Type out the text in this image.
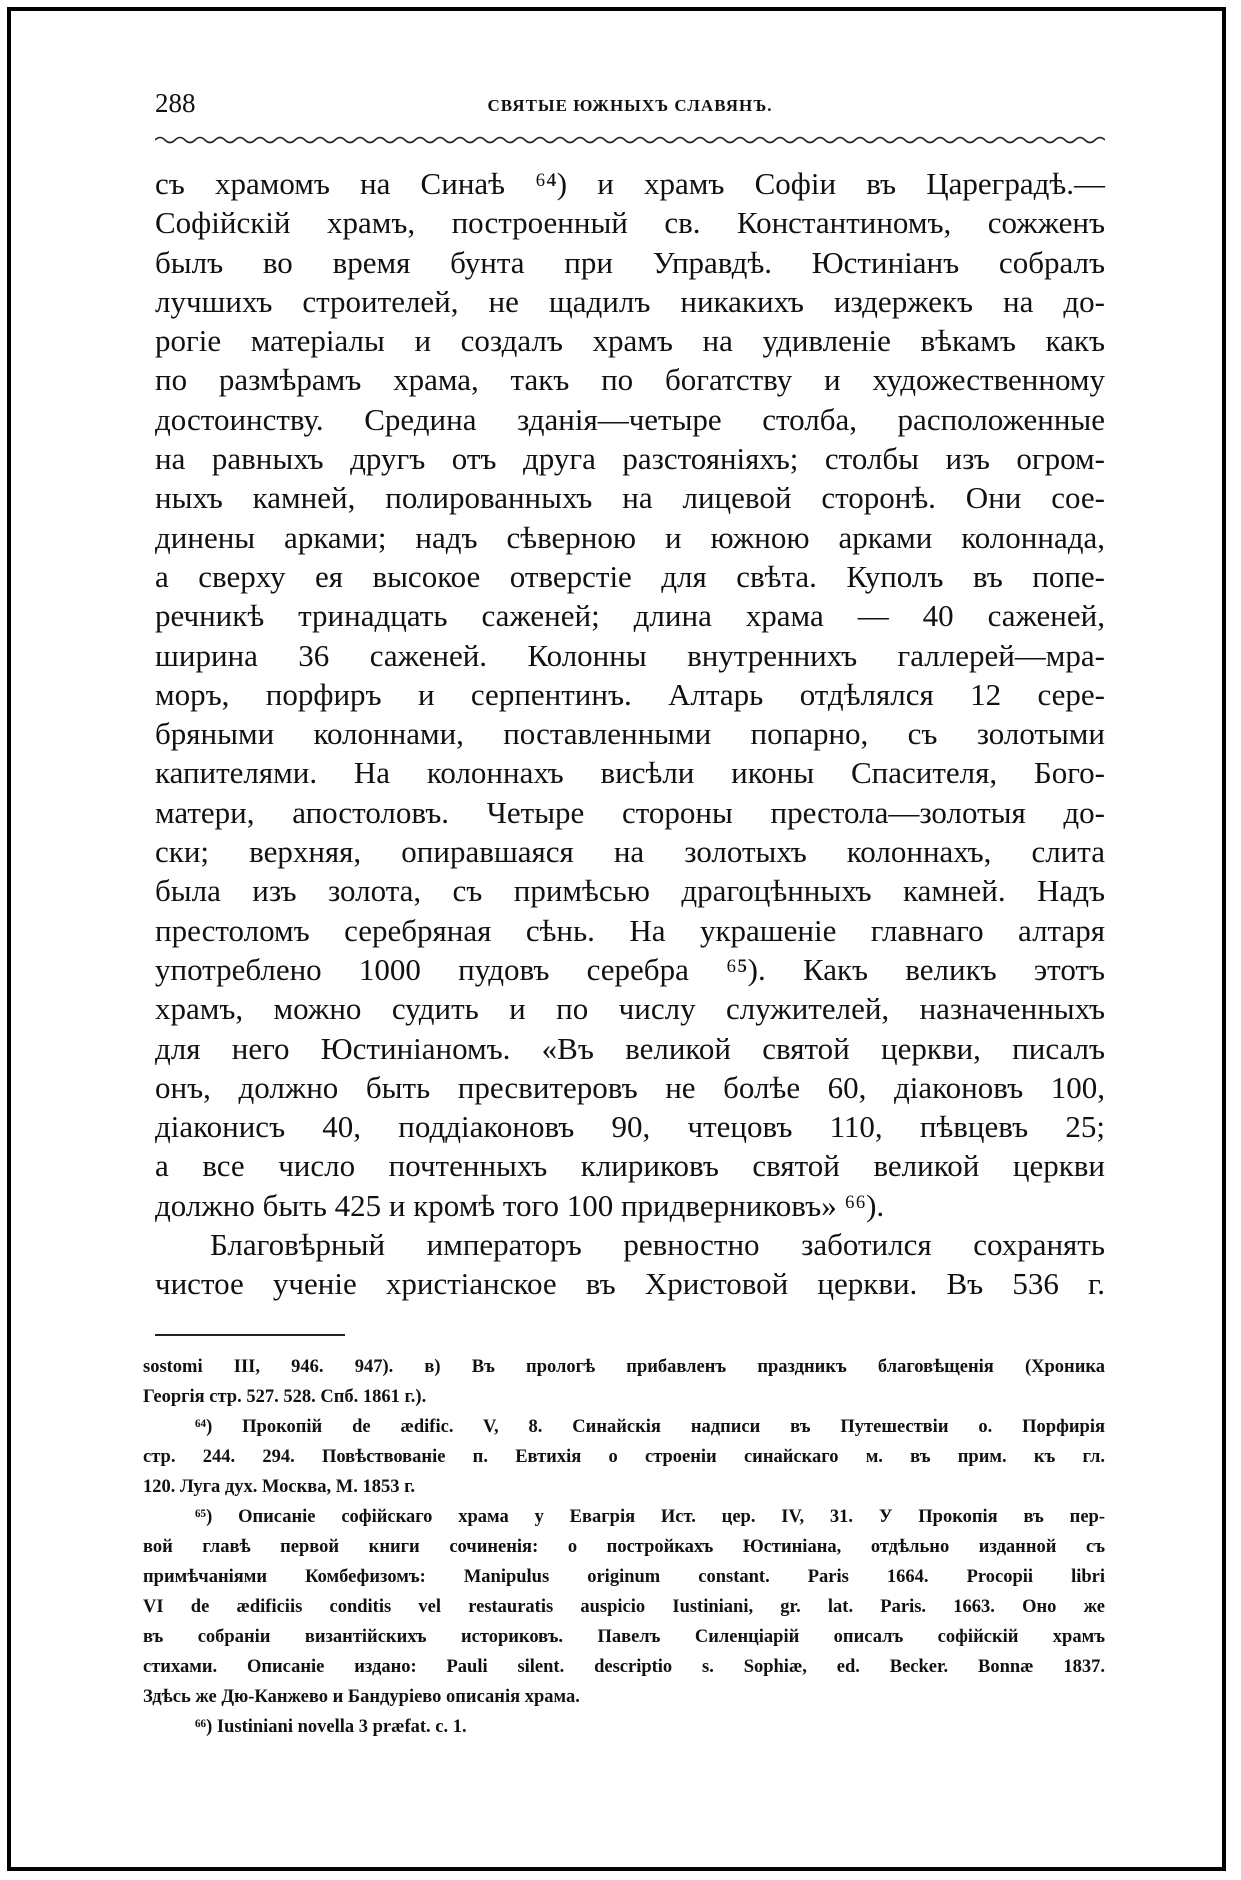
288	СВЯТЫЕ ЮЖНЫХЪ СЛАВЯНЪ.
съ храмомъ на Синаѣ ⁶⁴) и храмъ Софіи въ Цареградѣ.—
Софійскій храмъ, построенный св. Константиномъ, сожженъ
былъ во время бунта при Управдѣ. Юстиніанъ собралъ
лучшихъ строителей, не щадилъ никакихъ издержекъ на до-
рогіе матеріалы и создалъ храмъ на удивленіе вѣкамъ какъ
по размѣрамъ храма, такъ по богатству и художественному
достоинству. Средина зданія—четыре столба, расположенные
на равныхъ другъ отъ друга разстояніяхъ; столбы изъ огром-
ныхъ камней, полированныхъ на лицевой сторонѣ. Они сое-
динены арками; надъ сѣверною и южною арками колоннада,
а сверху ея высокое отверстіе для свѣта. Куполъ въ попе-
речникѣ тринадцать саженей; длина храма — 40 саженей,
ширина 36 саженей. Колонны внутреннихъ галлерей—мра-
моръ, порфиръ и серпентинъ. Алтарь отдѣлялся 12 сере-
бряными колоннами, поставленными попарно, съ золотыми
капителями. На колоннахъ висѣли иконы Спасителя, Бого-
матери, апостоловъ. Четыре стороны престола—золотыя до-
ски; верхняя, опиравшаяся на золотыхъ колоннахъ, слита
была изъ золота, съ примѣсью драгоцѣнныхъ камней. Надъ
престоломъ серебряная сѣнь. На украшеніе главнаго алтаря
употреблено 1000 пудовъ серебра ⁶⁵). Какъ великъ этотъ
храмъ, можно судить и по числу служителей, назначенныхъ
для него Юстиніаномъ. «Въ великой святой церкви, писалъ
онъ, должно быть пресвитеровъ не болѣе 60, діаконовъ 100,
діаконисъ 40, поддіаконовъ 90, чтецовъ 110, пѣвцевъ 25;
а все число почтенныхъ клириковъ святой великой церкви
должно быть 425 и кромѣ того 100 придверниковъ» ⁶⁶).
Благовѣрный императоръ ревностно заботился сохранять
чистое ученіе христіанское въ Христовой церкви. Въ 536 г.
sostomi III, 946. 947). в) Въ прологѣ прибавленъ праздникъ благовѣщенія (Хроника
Георгія стр. 527. 528. Спб. 1861 г.).
⁶⁴) Прокопій de ædific. V, 8. Синайскія надписи въ Путешествіи о. Порфирія
стр. 244. 294. Повѣствованіе п. Евтихія о строеніи синайскаго м. въ прим. къ гл.
120. Луга дух. Москва, М. 1853 г.
⁶⁵) Описаніе софійскаго храма у Евагрія Ист. цер. IV, 31. У Прокопія въ пер-
вой главѣ первой книги сочиненія: о постройкахъ Юстиніана, отдѣльно изданной съ
примѣчаніями Комбефизомъ: Manipulus originum constant. Paris 1664. Procopii libri
VI de ædificiis conditis vel restauratis auspicio Iustiniani, gr. lat. Paris. 1663. Оно же
въ собраніи византійскихъ историковъ. Павелъ Силенціарій описалъ софійскій храмъ
стихами. Описаніе издано: Pauli silent. descriptio s. Sophiæ, ed. Becker. Bonnæ 1837.
Здѣсь же Дю-Канжево и Бандуріево описанія храма.
⁶⁶) Iustiniani novella 3 præfat. c. 1.
